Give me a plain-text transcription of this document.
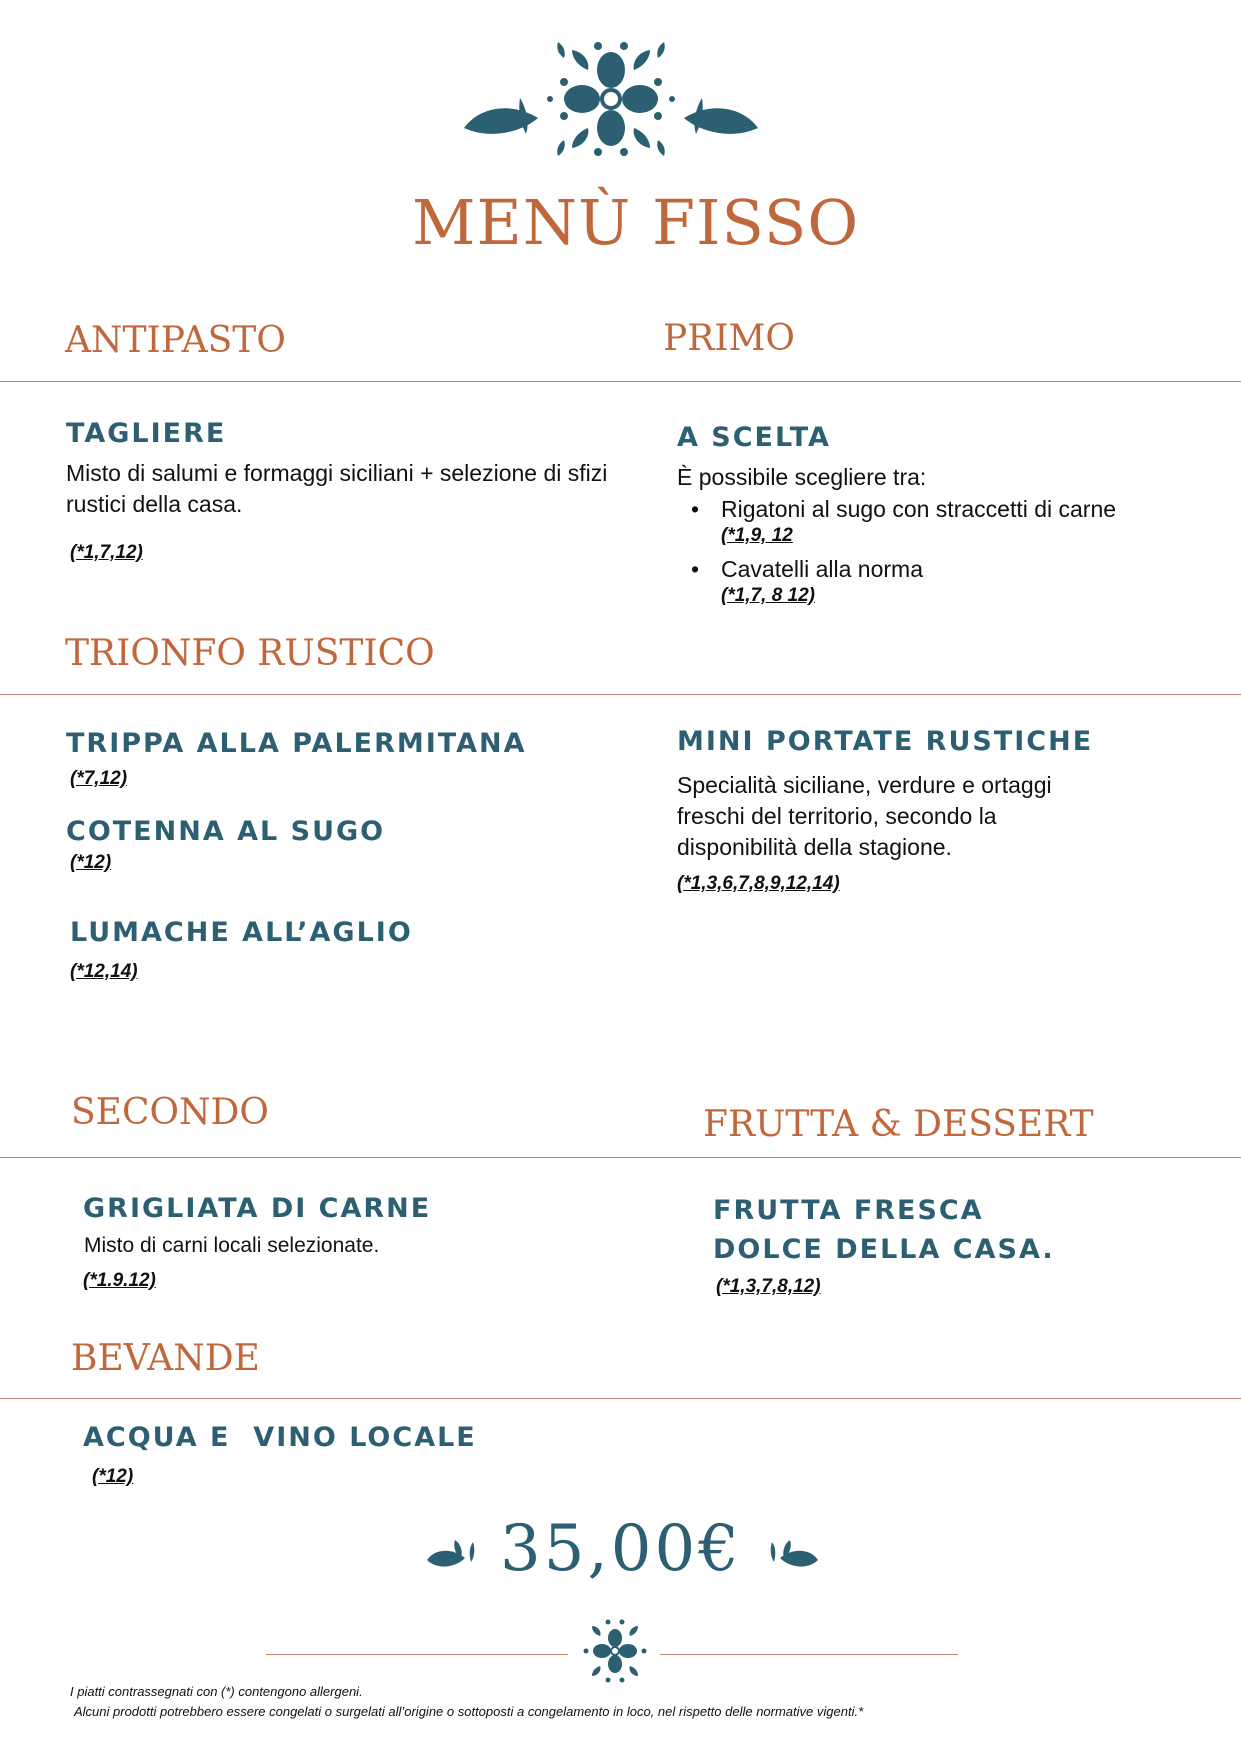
MENÙ FISSO
ANTIPASTO	PRIMO
TAGLIERE
Misto di salumi e formaggi siciliani + selezione di sfizi rustici della casa.
(*1,7,12)
A SCELTA
È possibile scegliere tra:
• Rigatoni al sugo con straccetti di carne
(*1,9, 12
• Cavatelli alla norma
(*1,7, 8 12)
TRIONFO RUSTICO
TRIPPA ALLA PALERMITANA
(*7,12)
COTENNA AL SUGO
(*12)
LUMACHE ALL’AGLIO
(*12,14)
MINI PORTATE RUSTICHE
Specialità siciliane, verdure e ortaggi freschi del territorio, secondo la disponibilità della stagione.
(*1,3,6,7,8,9,12,14)
SECONDO	FRUTTA & DESSERT
GRIGLIATA DI CARNE
Misto di carni locali selezionate.
(*1.9.12)
FRUTTA FRESCA
DOLCE DELLA CASA.
(*1,3,7,8,12)
BEVANDE
ACQUA E  VINO LOCALE
(*12)
35,00€
I piatti contrassegnati con (*) contengono allergeni.
Alcuni prodotti potrebbero essere congelati o surgelati all’origine o sottoposti a congelamento in loco, nel rispetto delle normative vigenti.*
